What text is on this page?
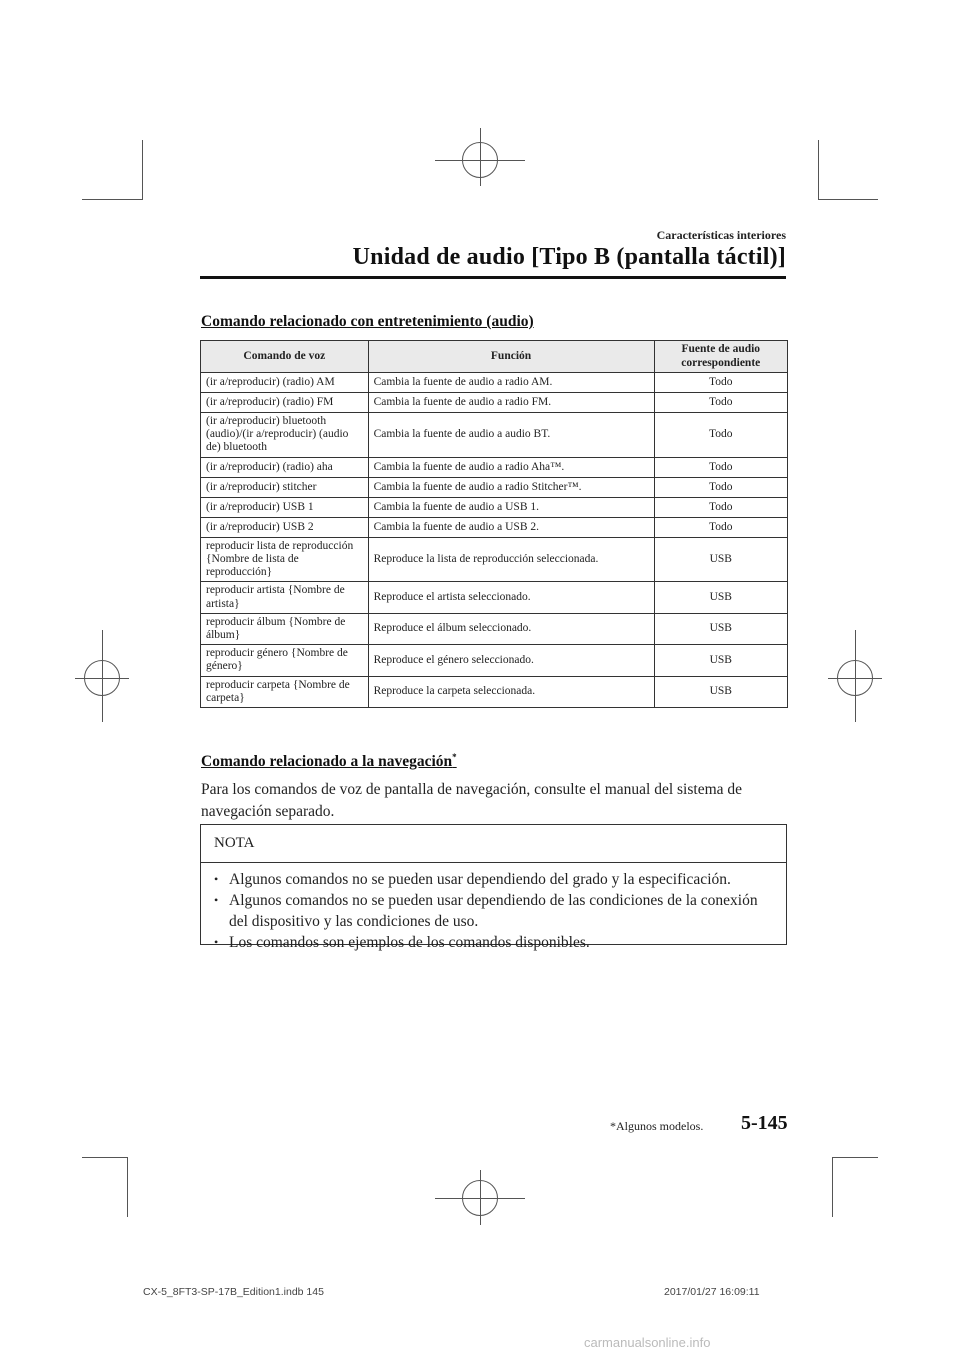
Características interiores
Unidad de audio [Tipo B (pantalla táctil)]
Comando relacionado con entretenimiento (audio)
Comando de voz	Función	Fuente de audio correspondiente
(ir a/reproducir) (radio) AM	Cambia la fuente de audio a radio AM.	Todo
(ir a/reproducir) (radio) FM	Cambia la fuente de audio a radio FM.	Todo
(ir a/reproducir) bluetooth (audio)/(ir a/reproducir) (audio de) bluetooth	Cambia la fuente de audio a audio BT.	Todo
(ir a/reproducir) (radio) aha	Cambia la fuente de audio a radio Aha™.	Todo
(ir a/reproducir) stitcher	Cambia la fuente de audio a radio Stitcher™.	Todo
(ir a/reproducir) USB 1	Cambia la fuente de audio a USB 1.	Todo
(ir a/reproducir) USB 2	Cambia la fuente de audio a USB 2.	Todo
reproducir lista de reproducción {Nombre de lista de reproducción}	Reproduce la lista de reproducción seleccionada.	USB
reproducir artista {Nombre de artista}	Reproduce el artista seleccionado.	USB
reproducir álbum {Nombre de álbum}	Reproduce el álbum seleccionado.	USB
reproducir género {Nombre de género}	Reproduce el género seleccionado.	USB
reproducir carpeta {Nombre de carpeta}	Reproduce la carpeta seleccionada.	USB
Comando relacionado a la navegación*
Para los comandos de voz de pantalla de navegación, consulte el manual del sistema de navegación separado.
NOTA
• Algunos comandos no se pueden usar dependiendo del grado y la especificación.
• Algunos comandos no se pueden usar dependiendo de las condiciones de la conexión del dispositivo y las condiciones de uso.
• Los comandos son ejemplos de los comandos disponibles.
*Algunos modelos. 5-145
CX-5_8FT3-SP-17B_Edition1.indb 145	2017/01/27 16:09:11
carmanualsonline.info
